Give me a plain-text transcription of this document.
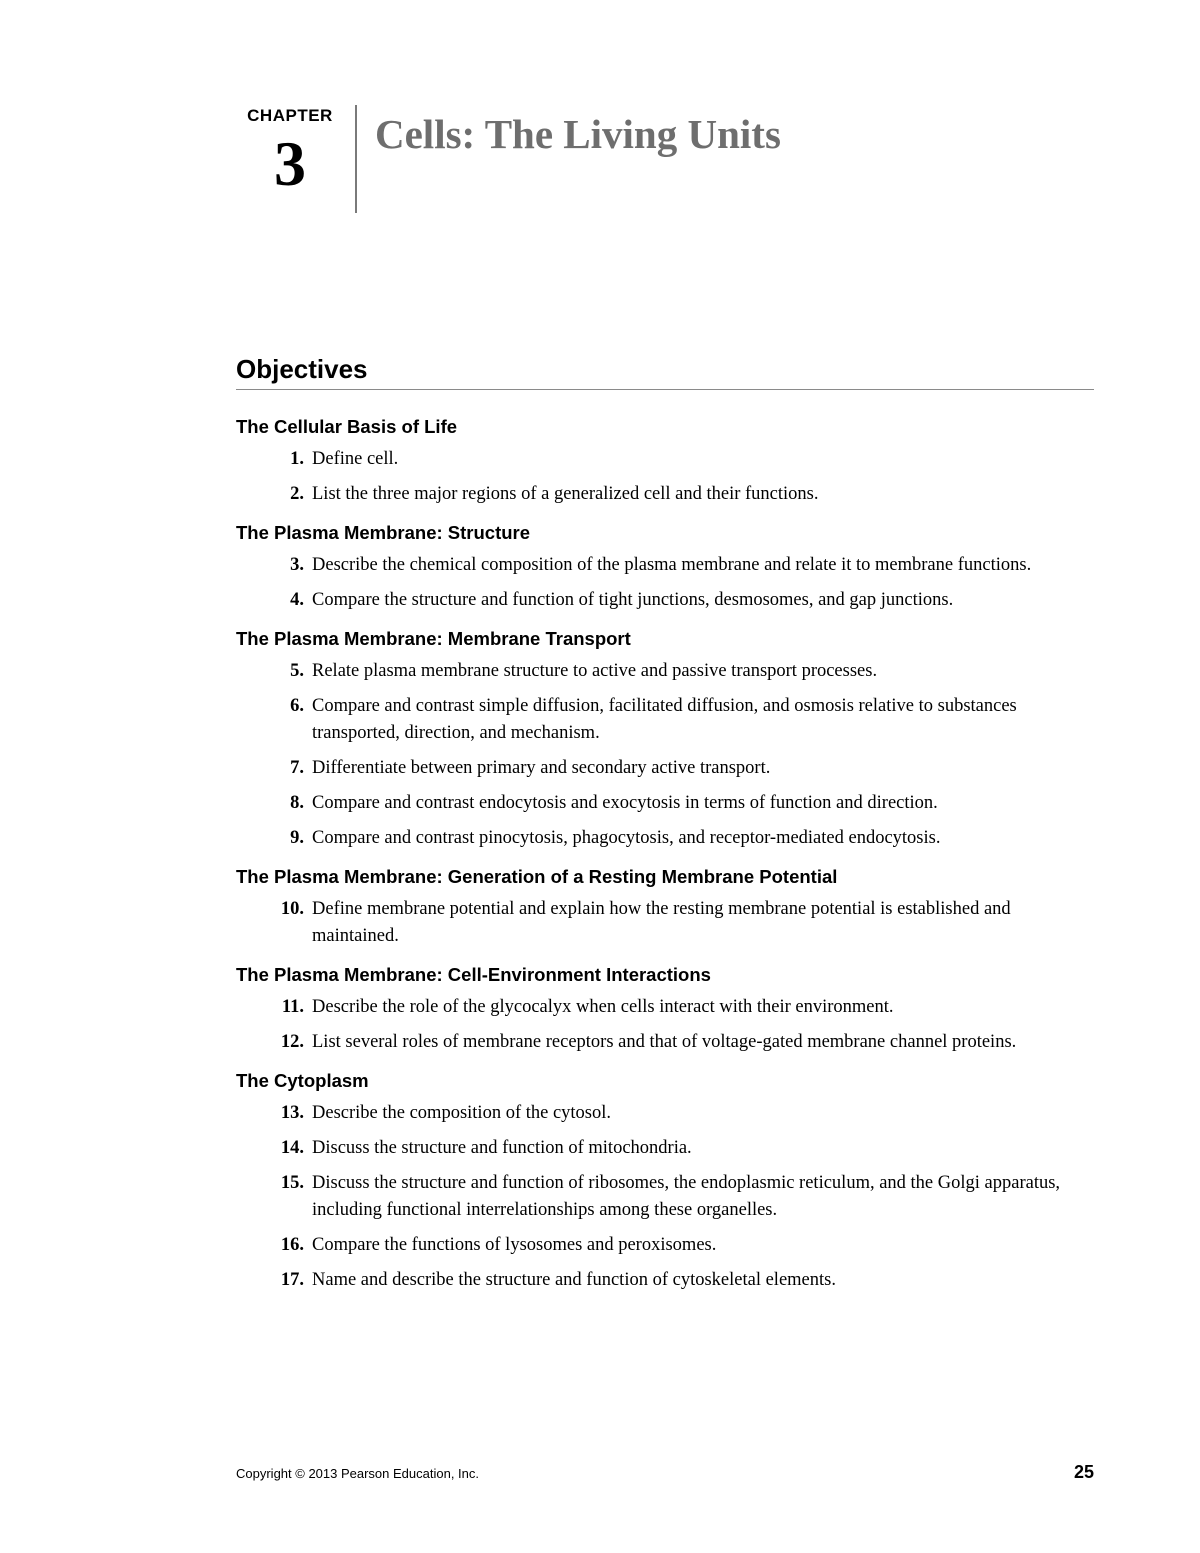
CHAPTER
3	Cells: The Living Units
Objectives
The Cellular Basis of Life
1. Define cell.
2. List the three major regions of a generalized cell and their functions.
The Plasma Membrane: Structure
3. Describe the chemical composition of the plasma membrane and relate it to membrane functions.
4. Compare the structure and function of tight junctions, desmosomes, and gap junctions.
The Plasma Membrane: Membrane Transport
5. Relate plasma membrane structure to active and passive transport processes.
6. Compare and contrast simple diffusion, facilitated diffusion, and osmosis relative to substances transported, direction, and mechanism.
7. Differentiate between primary and secondary active transport.
8. Compare and contrast endocytosis and exocytosis in terms of function and direction.
9. Compare and contrast pinocytosis, phagocytosis, and receptor-mediated endocytosis.
The Plasma Membrane: Generation of a Resting Membrane Potential
10. Define membrane potential and explain how the resting membrane potential is established and maintained.
The Plasma Membrane: Cell-Environment Interactions
11. Describe the role of the glycocalyx when cells interact with their environment.
12. List several roles of membrane receptors and that of voltage-gated membrane channel proteins.
The Cytoplasm
13. Describe the composition of the cytosol.
14. Discuss the structure and function of mitochondria.
15. Discuss the structure and function of ribosomes, the endoplasmic reticulum, and the Golgi apparatus, including functional interrelationships among these organelles.
16. Compare the functions of lysosomes and peroxisomes.
17. Name and describe the structure and function of cytoskeletal elements.
Copyright © 2013 Pearson Education, Inc.	25
